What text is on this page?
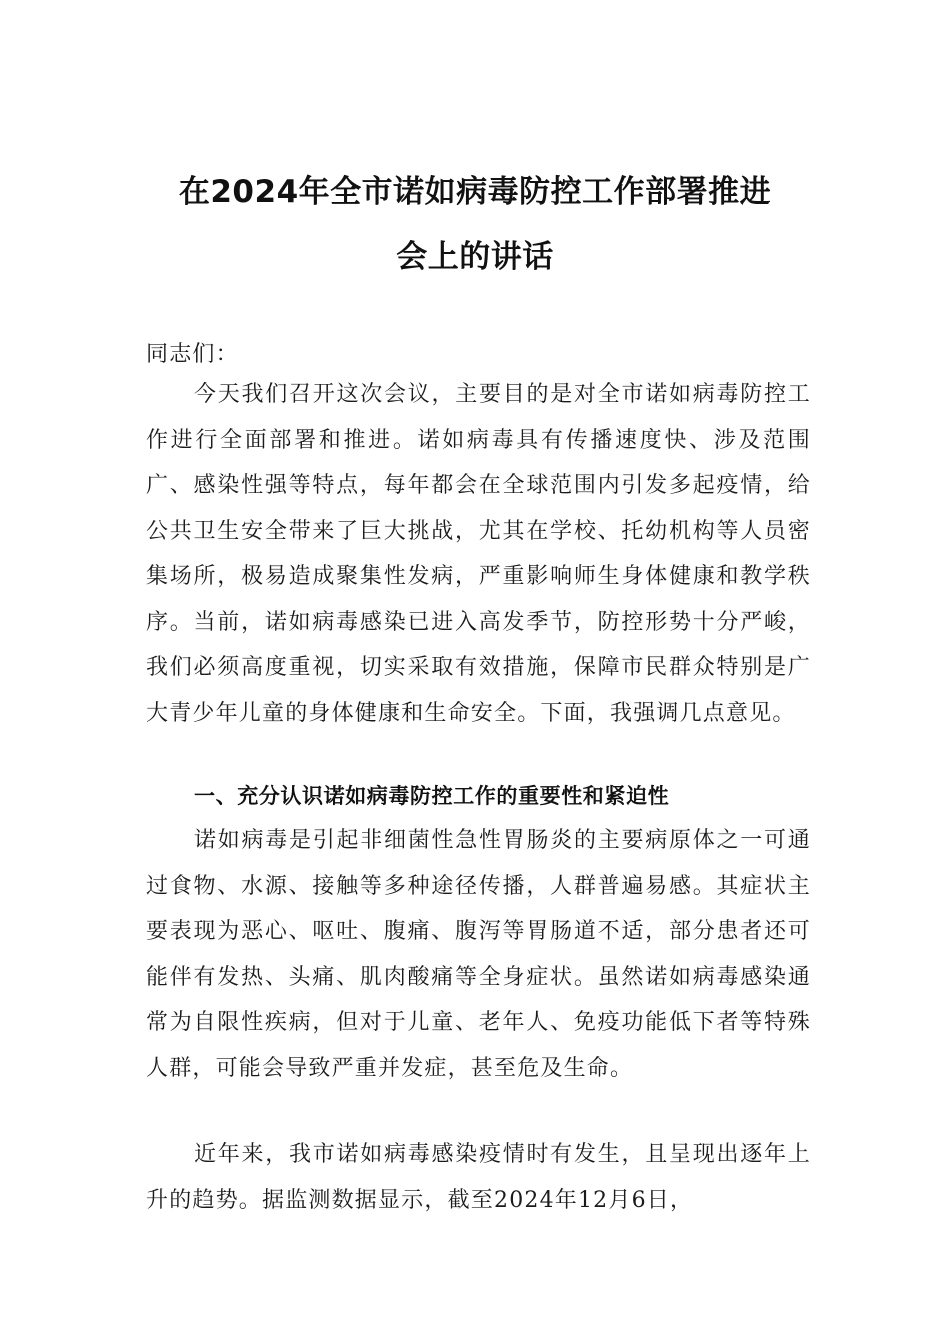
在2024年全市诺如病毒防控工作部署推进
会上的讲话
同志们：
今天我们召开这次会议，主要目的是对全市诺如病毒防控工作进行全面部署和推进。诺如病毒具有传播速度快、涉及范围广、感染性强等特点，每年都会在全球范围内引发多起疫情，给公共卫生安全带来了巨大挑战，尤其在学校、托幼机构等人员密集场所，极易造成聚集性发病，严重影响师生身体健康和教学秩序。当前，诺如病毒感染已进入高发季节，防控形势十分严峻，我们必须高度重视，切实采取有效措施，保障市民群众特别是广大青少年儿童的身体健康和生命安全。下面，我强调几点意见。
一、充分认识诺如病毒防控工作的重要性和紧迫性
诺如病毒是引起非细菌性急性胃肠炎的主要病原体之一可通过食物、水源、接触等多种途径传播，人群普遍易感。其症状主要表现为恶心、呕吐、腹痛、腹泻等胃肠道不适，部分患者还可能伴有发热、头痛、肌肉酸痛等全身症状。虽然诺如病毒感染通常为自限性疾病，但对于儿童、老年人、免疫功能低下者等特殊人群，可能会导致严重并发症，甚至危及生命。
近年来，我市诺如病毒感染疫情时有发生，且呈现出逐年上升的趋势。据监测数据显示，截至2024年12月6日，
